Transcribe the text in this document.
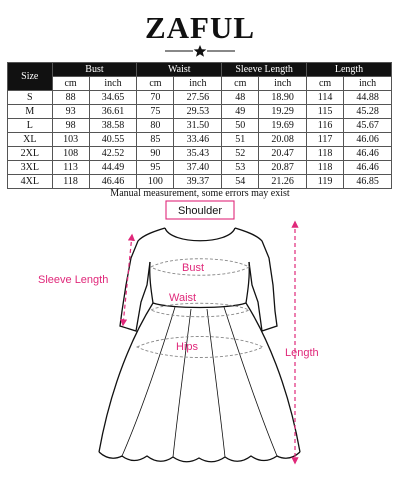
ZAFUL
Size	Bust		Waist		Sleeve Length		Length	
	cm	inch	cm	inch	cm	inch	cm	inch
S	88	34.65	70	27.56	48	18.90	114	44.88
M	93	36.61	75	29.53	49	19.29	115	45.28
L	98	38.58	80	31.50	50	19.69	116	45.67
XL	103	40.55	85	33.46	51	20.08	117	46.06
2XL	108	42.52	90	35.43	52	20.47	118	46.46
3XL	113	44.49	95	37.40	53	20.87	118	46.46
4XL	118	46.46	100	39.37	54	21.26	119	46.85
Manual measurement, some errors may exist
Shoulder
Bust
Waist
Sleeve Length
Hips	Length
